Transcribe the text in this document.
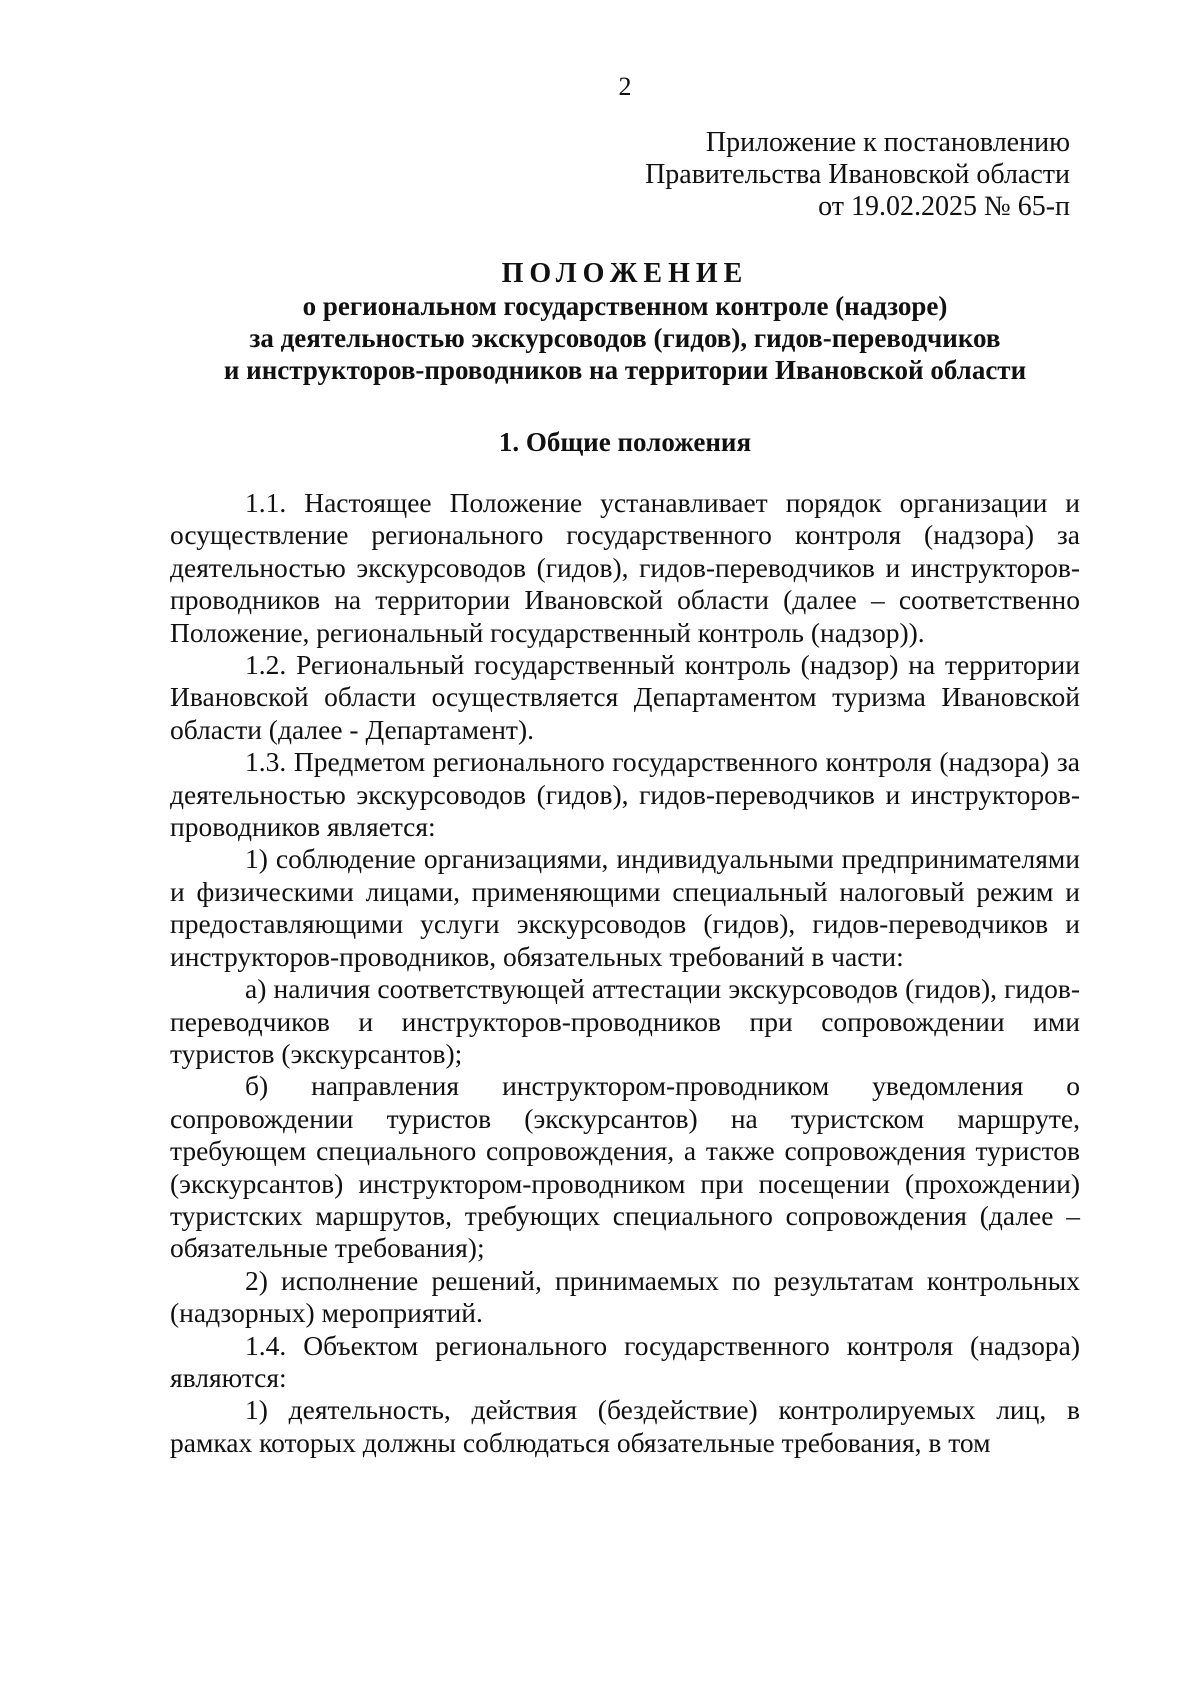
2
Приложение к постановлению
Правительства Ивановской области
от 19.02.2025 № 65-п

ПОЛОЖЕНИЕ

о региональном государственном контроле (надзоре)

за деятельностью экскурсоводов (гидов), гидов-переводчиков

и инструкторов-проводников на территории Ивановской области

1. Общие положения

1.1. Настоящее Положение устанавливает порядок организации и осуществление регионального государственного контроля (надзора) за деятельностью экскурсоводов (гидов), гидов-переводчиков и инструкторов-проводников на территории Ивановской области (далее – соответственно Положение, региональный государственный контроль (надзор)).

1.2. Региональный государственный контроль (надзор) на территории Ивановской области осуществляется Департаментом туризма Ивановской области (далее - Департамент).

1.3. Предметом регионального государственного контроля (надзора) за деятельностью экскурсоводов (гидов), гидов-переводчиков и инструкторов-проводников является:

1) соблюдение организациями, индивидуальными предпринимателями и физическими лицами, применяющими специальный налоговый режим и предоставляющими услуги экскурсоводов (гидов), гидов-переводчиков и инструкторов-проводников, обязательных требований в части:

а) наличия соответствующей аттестации экскурсоводов (гидов), гидов-переводчиков и инструкторов-проводников при сопровождении ими туристов (экскурсантов);

б) направления инструктором-проводником уведомления о сопровождении туристов (экскурсантов) на туристском маршруте, требующем специального сопровождения, а также сопровождения туристов (экскурсантов) инструктором-проводником при посещении (прохождении) туристских маршрутов, требующих специального сопровождения (далее – обязательные требования);

2) исполнение решений, принимаемых по результатам контрольных (надзорных) мероприятий.

1.4. Объектом регионального государственного контроля (надзора) являются:

1) деятельность, действия (бездействие) контролируемых лиц, в рамках которых должны соблюдаться обязательные требования, в том
